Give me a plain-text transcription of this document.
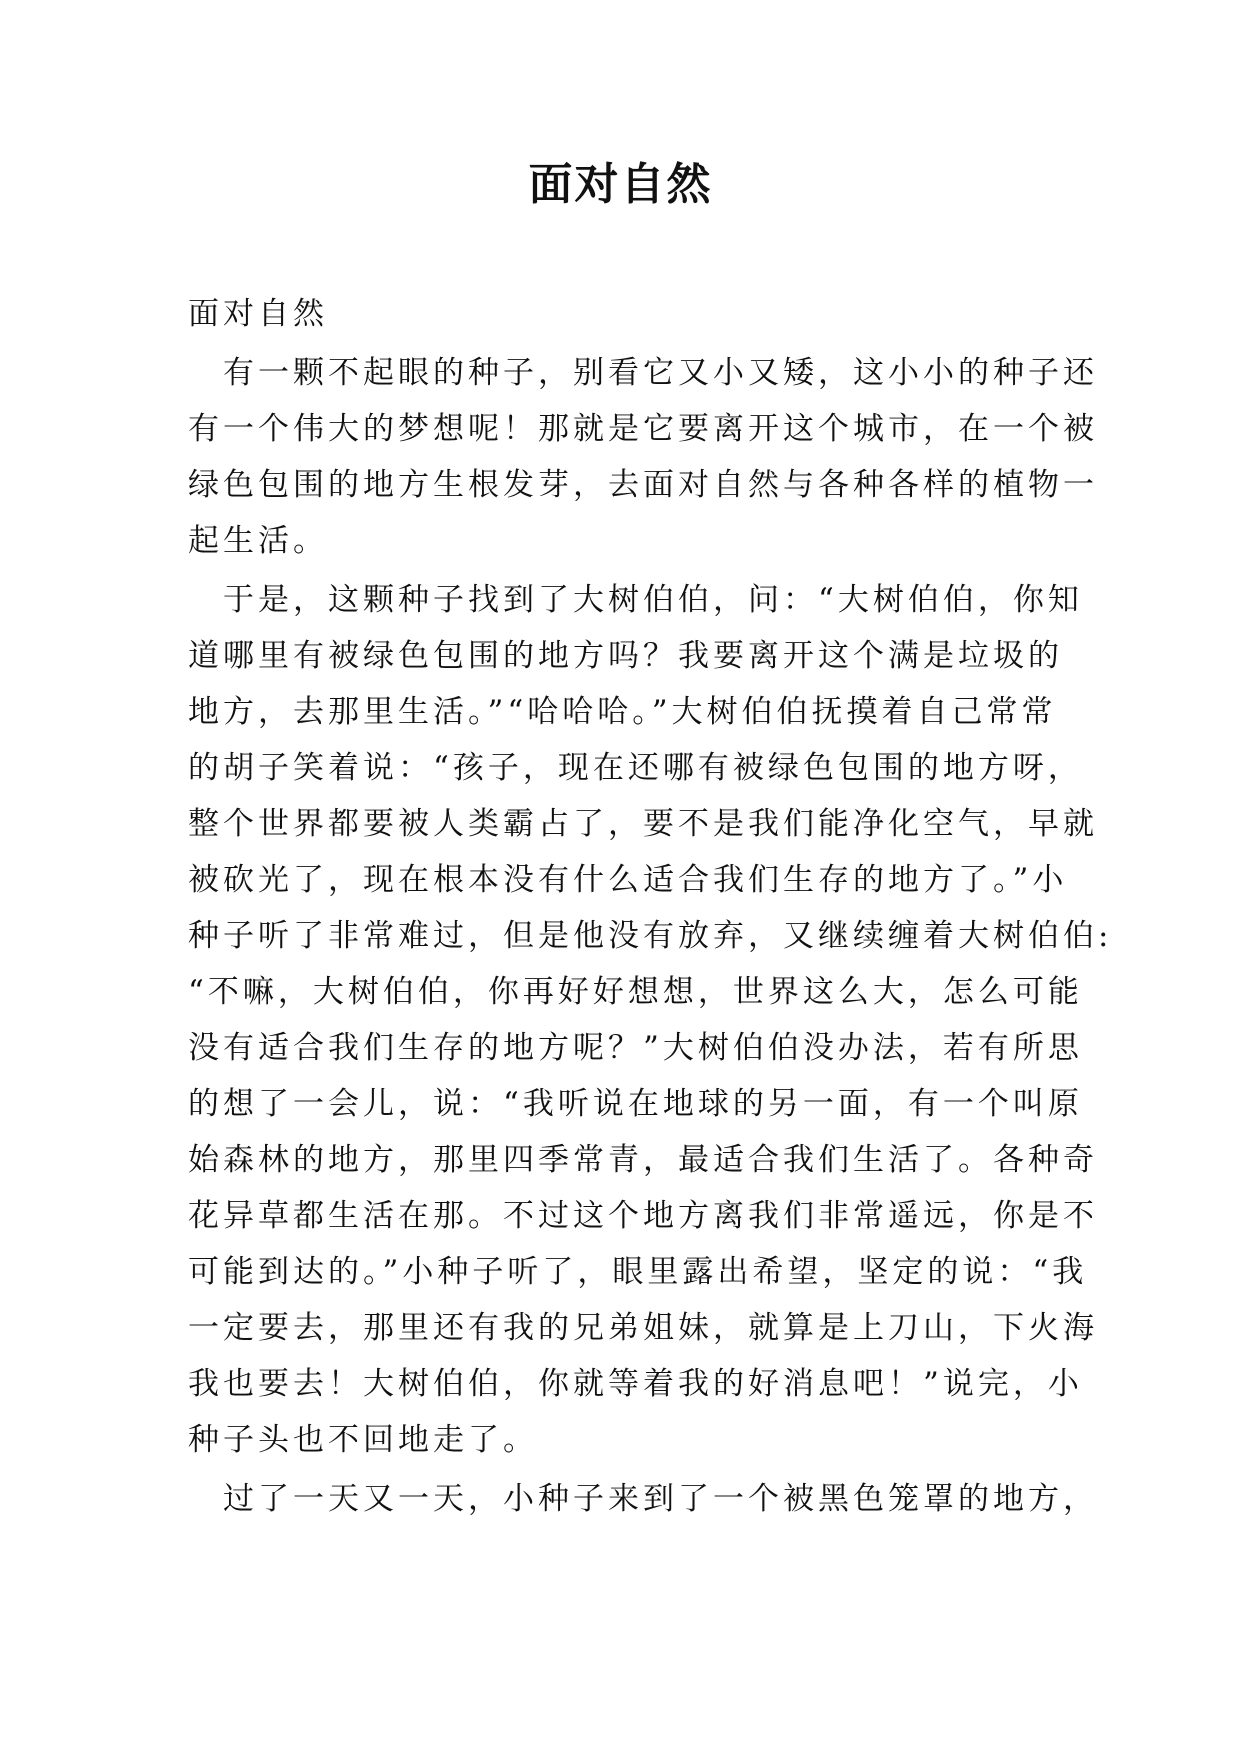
面对自然

面对自然

　有一颗不起眼的种子，别看它又小又矮，这小小的种子还
有一个伟大的梦想呢！那就是它要离开这个城市，在一个被
绿色包围的地方生根发芽，去面对自然与各种各样的植物一
起生活。

　于是，这颗种子找到了大树伯伯，问：“大树伯伯，你知
道哪里有被绿色包围的地方吗？我要离开这个满是垃圾的
地方，去那里生活。”“哈哈哈。”大树伯伯抚摸着自己常常
的胡子笑着说：“孩子，现在还哪有被绿色包围的地方呀，
整个世界都要被人类霸占了，要不是我们能净化空气，早就
被砍光了，现在根本没有什么适合我们生存的地方了。”小
种子听了非常难过，但是他没有放弃，又继续缠着大树伯伯:
“不嘛，大树伯伯，你再好好想想，世界这么大，怎么可能
没有适合我们生存的地方呢？”大树伯伯没办法，若有所思
的想了一会儿，说：“我听说在地球的另一面，有一个叫原
始森林的地方，那里四季常青，最适合我们生活了。各种奇
花异草都生活在那。不过这个地方离我们非常遥远，你是不
可能到达的。”小种子听了，眼里露出希望，坚定的说：“我
一定要去，那里还有我的兄弟姐妹，就算是上刀山，下火海
我也要去！大树伯伯，你就等着我的好消息吧！”说完，小
种子头也不回地走了。

　过了一天又一天，小种子来到了一个被黑色笼罩的地方，
